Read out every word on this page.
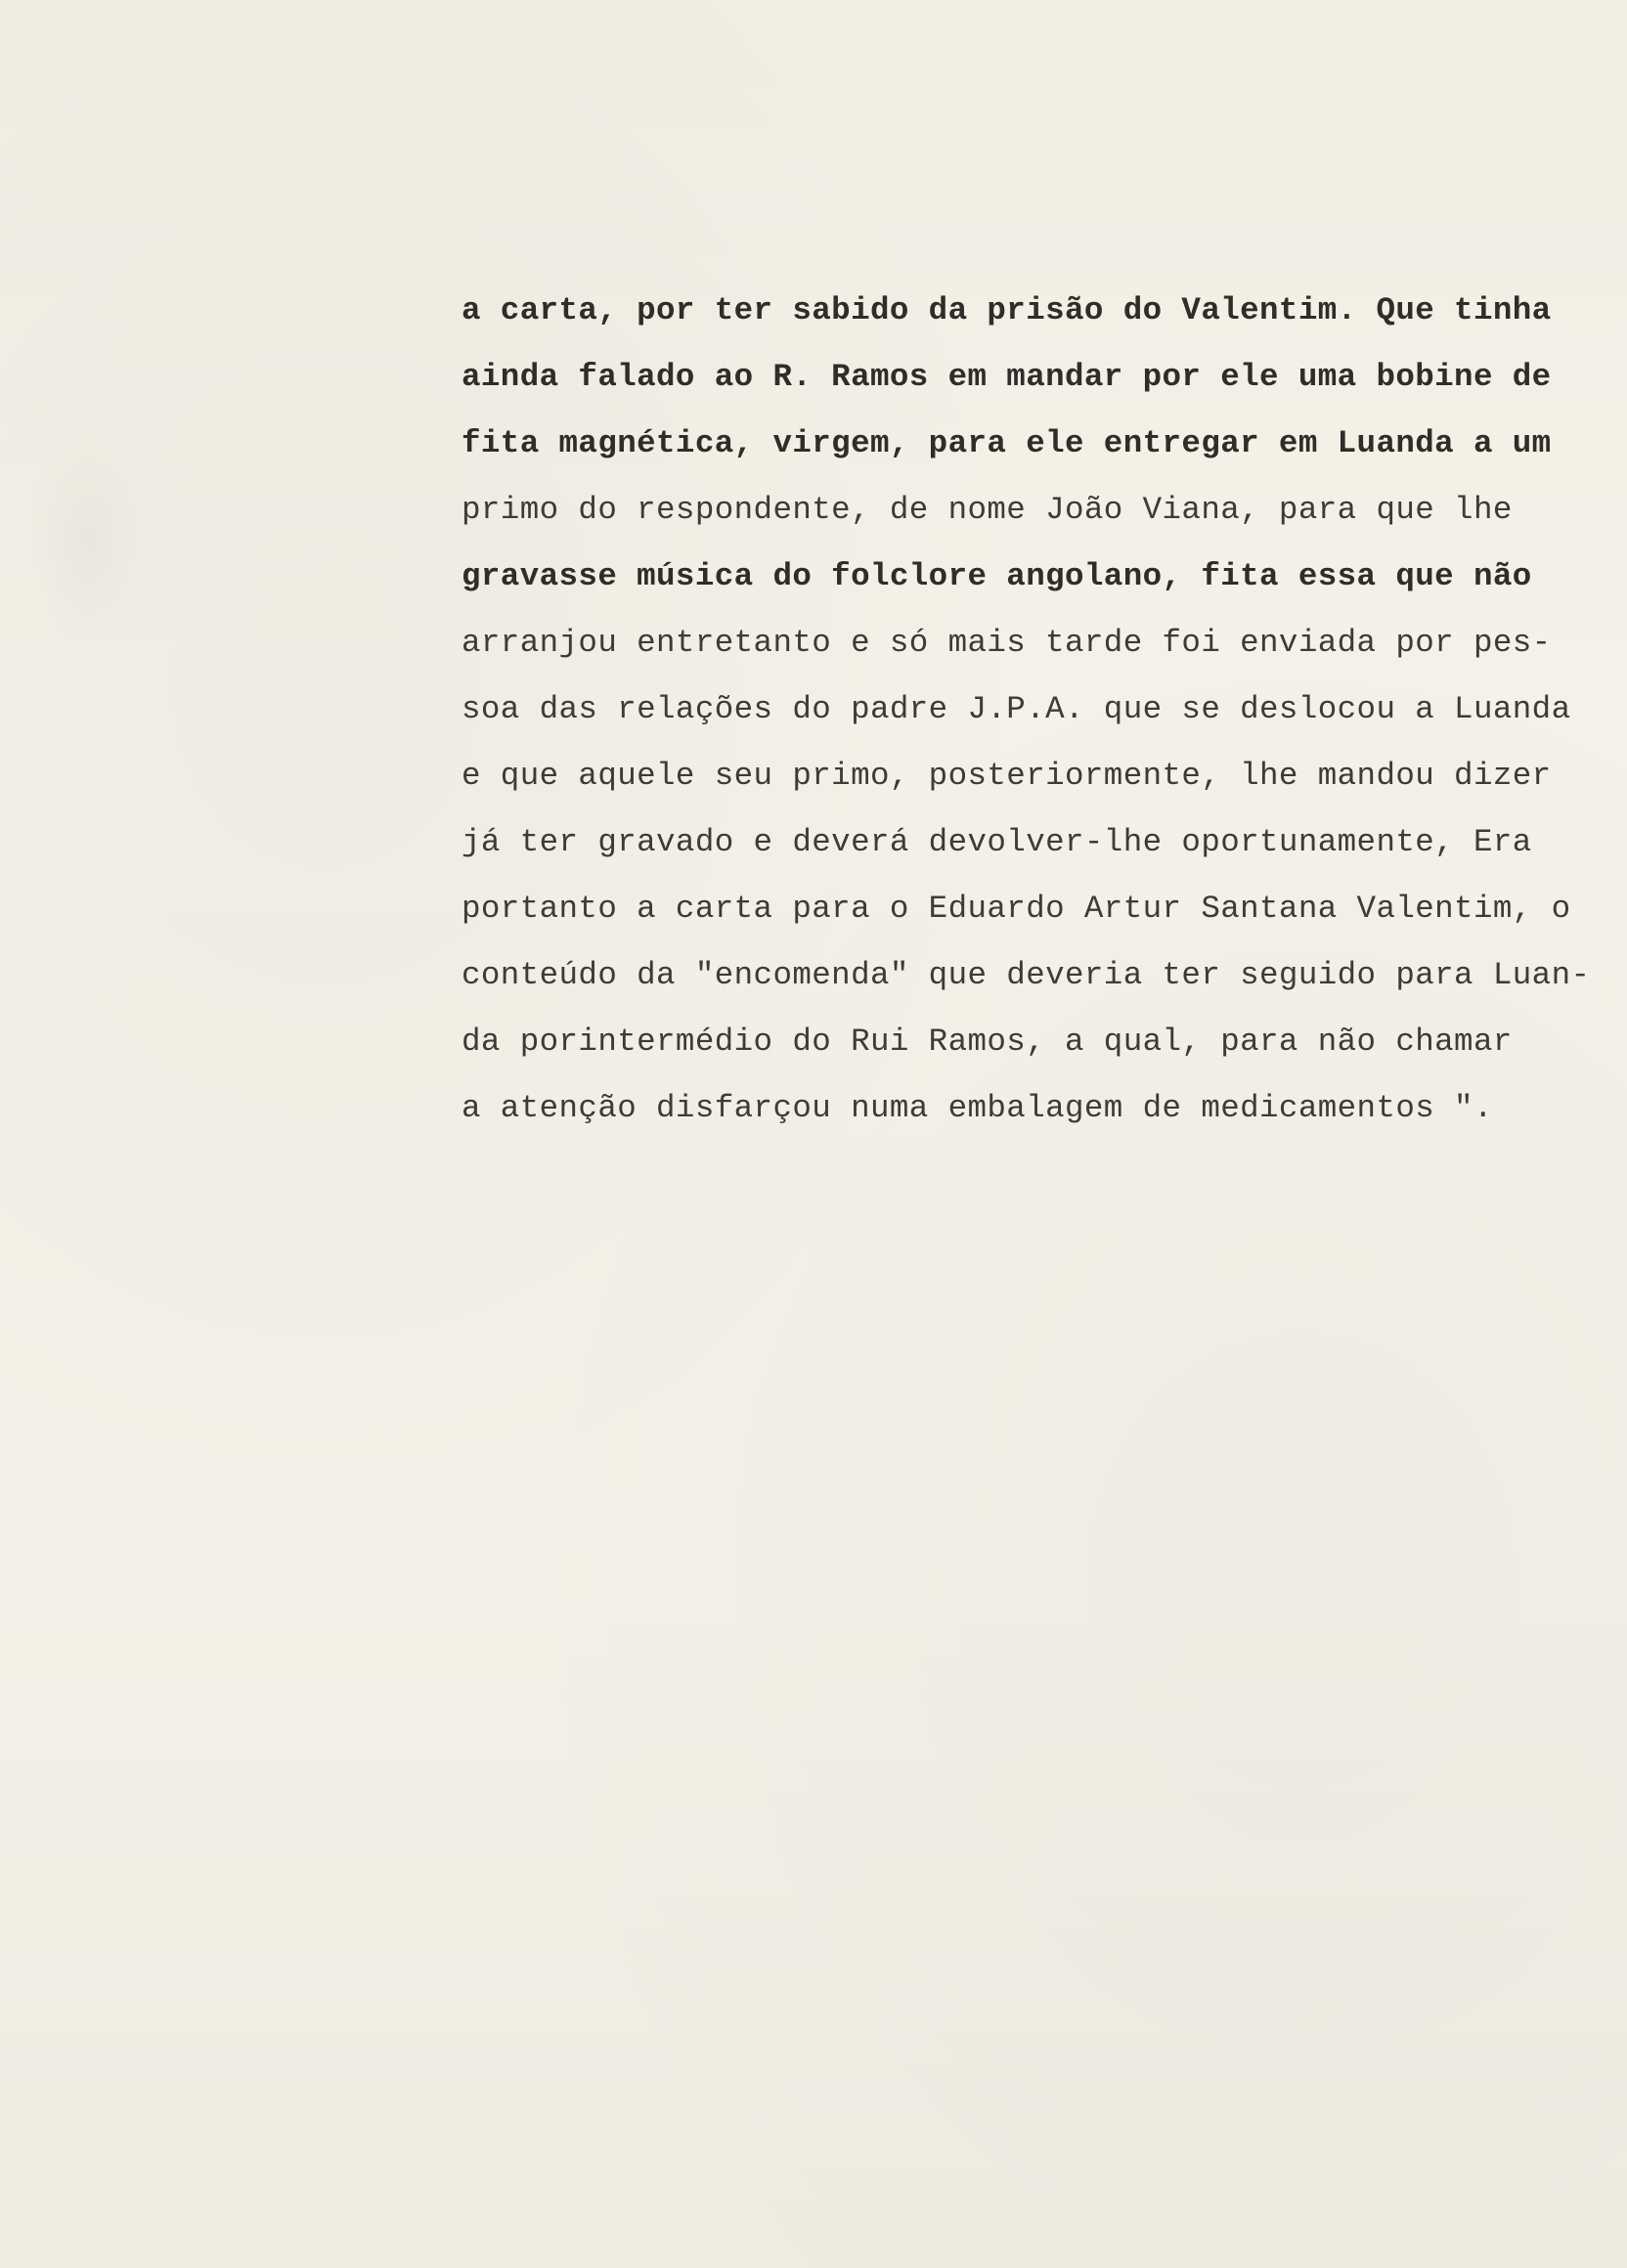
a carta, por ter sabido da prisão do Valentim. Que tinha
ainda falado ao R. Ramos em mandar por ele uma bobine de
fita magnética, virgem, para ele entregar em Luanda a um
primo do respondente, de nome João Viana, para que lhe
gravasse música do folclore angolano, fita essa que não
arranjou entretanto e só mais tarde foi enviada por pes-
soa das relações do padre J.P.A. que se deslocou a Luanda
e que aquele seu primo, posteriormente, lhe mandou dizer
já ter gravado e deverá devolver-lhe oportunamente, Era
portanto a carta para o Eduardo Artur Santana Valentim, o
conteúdo da "encomenda" que deveria ter seguido para Luan-
da porintermédio do Rui Ramos, a qual, para não chamar
a atenção disfarçou numa embalagem de medicamentos ".
